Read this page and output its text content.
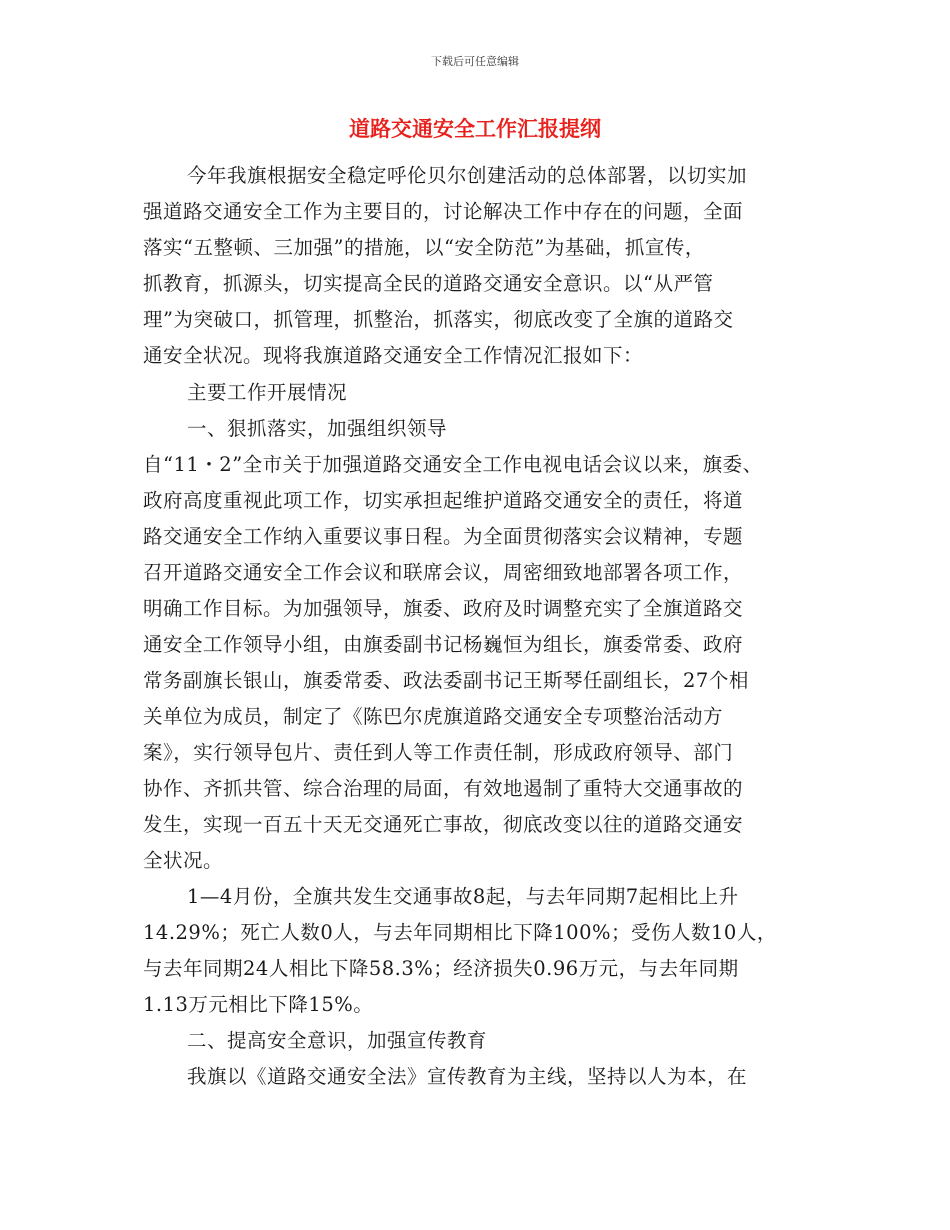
下载后可任意编辑
道路交通安全工作汇报提纲
今年我旗根据安全稳定呼伦贝尔创建活动的总体部署，以切实加
强道路交通安全工作为主要目的，讨论解决工作中存在的问题，全面
落实“五整顿、三加强”的措施，以“安全防范”为基础，抓宣传，
抓教育，抓源头，切实提高全民的道路交通安全意识。以“从严管
理”为突破口，抓管理，抓整治，抓落实，彻底改变了全旗的道路交
通安全状况。现将我旗道路交通安全工作情况汇报如下：
主要工作开展情况
一、狠抓落实，加强组织领导
自“11・2”全市关于加强道路交通安全工作电视电话会议以来，旗委、
政府高度重视此项工作，切实承担起维护道路交通安全的责任，将道
路交通安全工作纳入重要议事日程。为全面贯彻落实会议精神，专题
召开道路交通安全工作会议和联席会议，周密细致地部署各项工作，
明确工作目标。为加强领导，旗委、政府及时调整充实了全旗道路交
通安全工作领导小组，由旗委副书记杨巍恒为组长，旗委常委、政府
常务副旗长银山，旗委常委、政法委副书记王斯琴任副组长，27个相
关单位为成员，制定了《陈巴尔虎旗道路交通安全专项整治活动方
案》，实行领导包片、责任到人等工作责任制，形成政府领导、部门
协作、齐抓共管、综合治理的局面，有效地遏制了重特大交通事故的
发生，实现一百五十天无交通死亡事故，彻底改变以往的道路交通安
全状况。
1—4月份，全旗共发生交通事故8起，与去年同期7起相比上升
14.29%；死亡人数0人，与去年同期相比下降100%；受伤人数10人，
与去年同期24人相比下降58.3%；经济损失0.96万元，与去年同期
1.13万元相比下降15%。
二、提高安全意识，加强宣传教育
我旗以《道路交通安全法》宣传教育为主线，坚持以人为本，在
